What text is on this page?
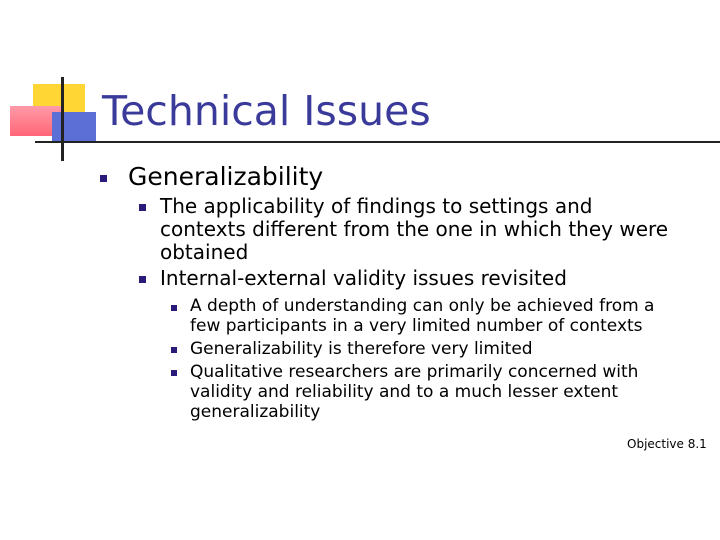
Technical Issues
Generalizability
The applicability of findings to settings and
contexts different from the one in which they were
obtained
Internal-external validity issues revisited
A depth of understanding can only be achieved from a
few participants in a very limited number of contexts
Generalizability is therefore very limited
Qualitative researchers are primarily concerned with
validity and reliability and to a much lesser extent
generalizability
Objective 8.1
